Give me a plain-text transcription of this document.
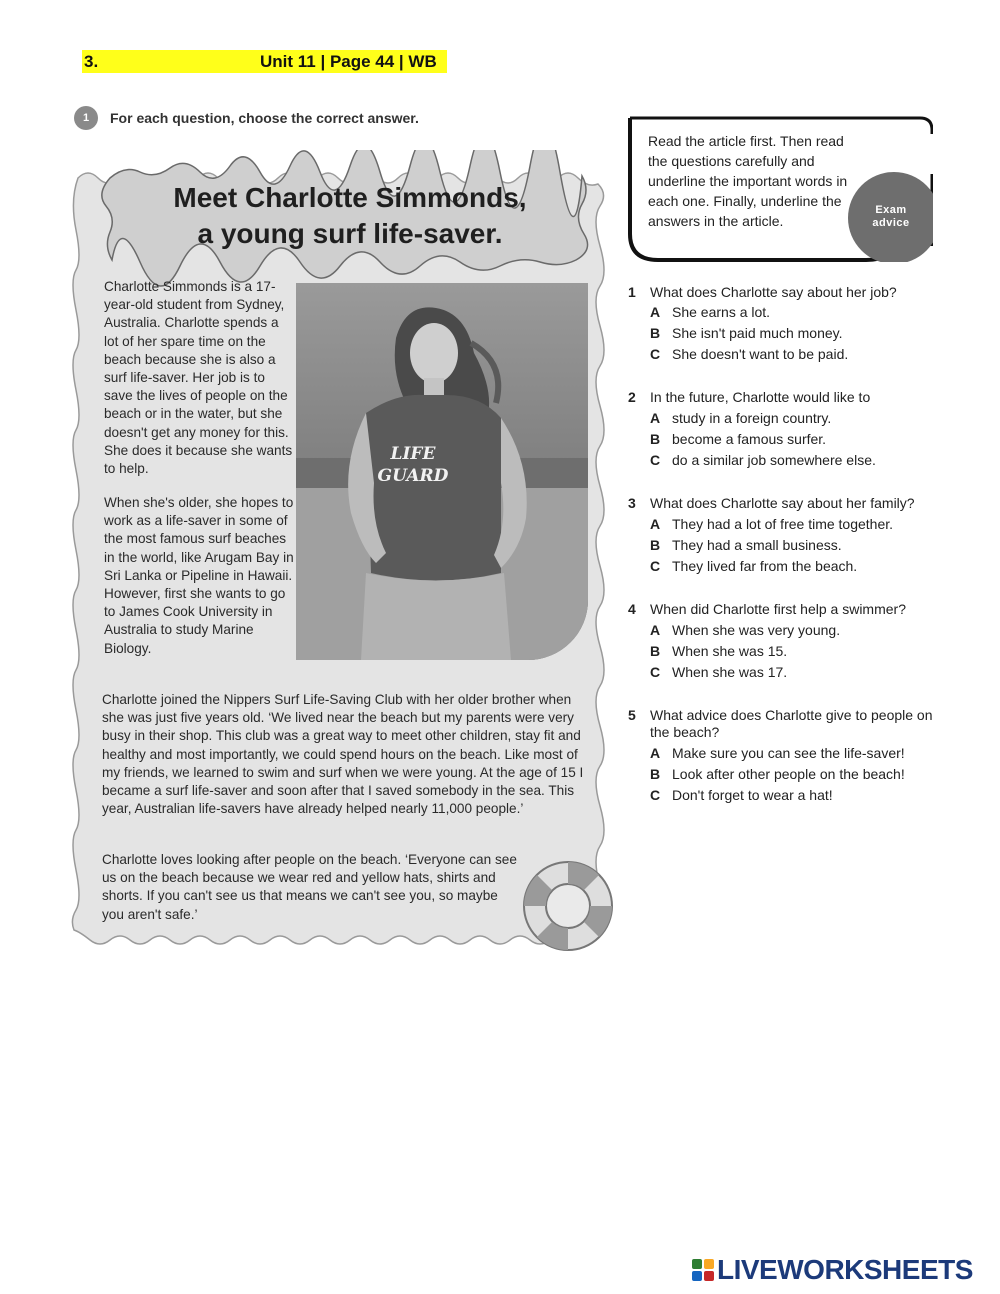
3.	Unit 11 | Page 44 | WB
1	For each question, choose the correct answer.
Meet Charlotte Simmonds,
a young surf life-saver.
Charlotte Simmonds is a 17-year-old student from Sydney, Australia. Charlotte spends a lot of her spare time on the beach because she is also a surf life-saver. Her job is to save the lives of people on the beach or in the water, but she doesn't get any money for this. She does it because she wants to help.
When she's older, she hopes to work as a life-saver in some of the most famous surf beaches in the world, like Arugam Bay in Sri Lanka or Pipeline in Hawaii. However, first she wants to go to James Cook University in Australia to study Marine Biology.
LIFE
GUARD
Charlotte joined the Nippers Surf Life-Saving Club with her older brother when she was just five years old. ‘We lived near the beach but my parents were very busy in their shop. This club was a great way to meet other children, stay fit and healthy and most importantly, we could spend hours on the beach. Like most of my friends, we learned to swim and surf when we were young. At the age of 15 I became a surf life-saver and soon after that I saved somebody in the sea. This year, Australian life-savers have already helped nearly 11,000 people.’
Charlotte loves looking after people on the beach. ‘Everyone can see us on the beach because we wear red and yellow hats, shirts and shorts. If you can't see us that means we can't see you, so maybe you aren't safe.’
Read the article first. Then read the questions carefully and underline the important words in each one. Finally, underline the answers in the article.
Exam
advice
1	What does Charlotte say about her job?
A She earns a lot.
B She isn't paid much money.
C She doesn't want to be paid.
2	In the future, Charlotte would like to
A study in a foreign country.
B become a famous surfer.
C do a similar job somewhere else.
3	What does Charlotte say about her family?
A They had a lot of free time together.
B They had a small business.
C They lived far from the beach.
4	When did Charlotte first help a swimmer?
A When she was very young.
B When she was 15.
C When she was 17.
5	What advice does Charlotte give to people on the beach?
A Make sure you can see the life-saver!
B Look after other people on the beach!
C Don't forget to wear a hat!
LIVEWORKSHEETS
